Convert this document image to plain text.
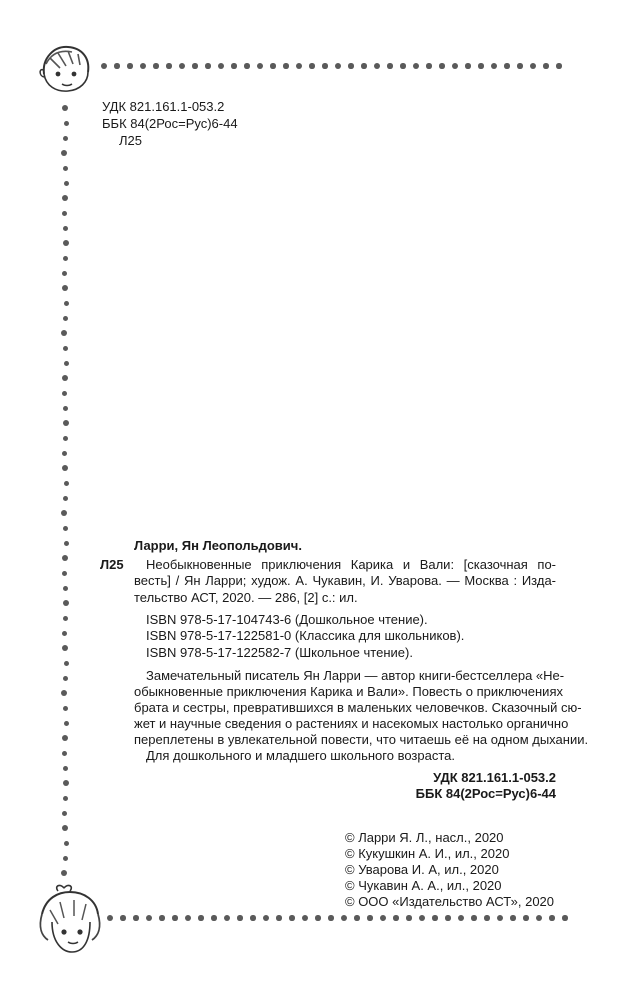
УДК 821.161.1-053.2
ББК 84(2Рос=Рус)6-44
Л25
Ларри, Ян Леопольдович.
Л25 Необыкновенные приключения Карика и Вали: [сказочная по-
весть] / Ян Ларри; худож. А. Чукавин, И. Уварова. — Москва : Изда-
тельство АСТ, 2020. — 286, [2] с.: ил.
ISBN 978-5-17-104743-6 (Дошкольное чтение).
ISBN 978-5-17-122581-0 (Классика для школьников).
ISBN 978-5-17-122582-7 (Школьное чтение).
Замечательный писатель Ян Ларри — автор книги-бестселлера «Не-
обыкновенные приключения Карика и Вали». Повесть о приключениях
брата и сестры, превратившихся в маленьких человечков. Сказочный сю-
жет и научные сведения о растениях и насекомых настолько органично
переплетены в увлекательной повести, что читаешь её на одном дыхании.
Для дошкольного и младшего школьного возраста.
УДК 821.161.1-053.2
ББК 84(2Рос=Рус)6-44
© Ларри Я. Л., насл., 2020
© Кукушкин А. И., ил., 2020
© Уварова И. А, ил., 2020
© Чукавин А. А., ил., 2020
© ООО «Издательство АСТ», 2020
